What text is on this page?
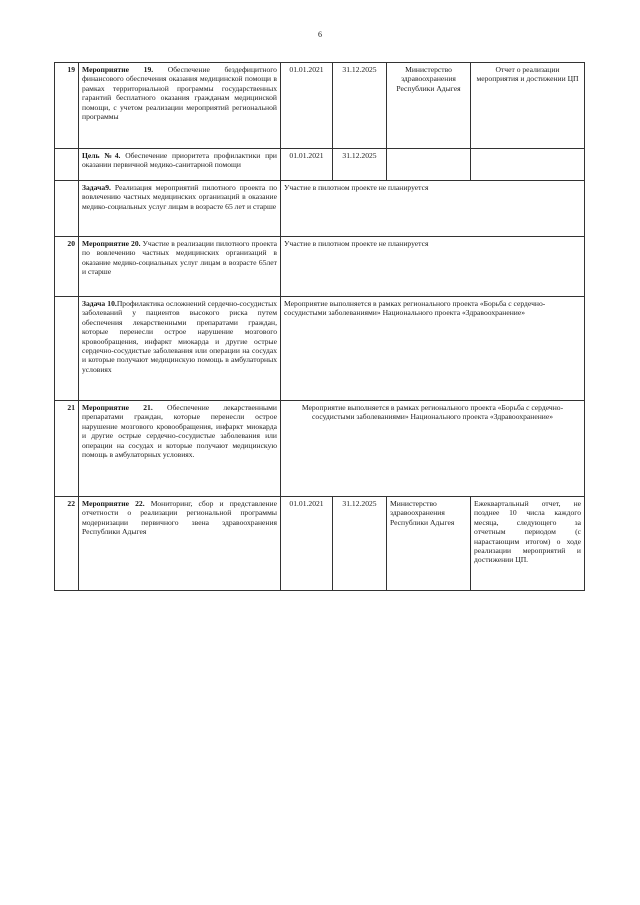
6
19	Мероприятие 19. Обеспечение бездефицитного финансового обеспечения оказания медицинской помощи в рамках территориальной программы государственных гарантий бесплатного оказания гражданам медицинской помощи, с учетом реализации мероприятий региональной программы	01.01.2021	31.12.2025	Министерство здравоохранения Республики Адыгея	Отчет о реализации мероприятия и достижении ЦП
	Цель №4. Обеспечение приоритета профилактики при оказании первичной медико-санитарной помощи	01.01.2021	31.12.2025		
	Задача9. Реализация мероприятий пилотного проекта по вовлечению частных медицинских организаций в оказание медико-социальных услуг лицам в возрасте 65 лет и старше	Участие в пилотном проекте не планируется			
20	Мероприятие 20. Участие в реализации пилотного проекта по вовлечению частных медицинских организаций в оказание медико-социальных услуг лицам в возрасте 65лет и старше	Участие в пилотном проекте не планируется			
	Задача 10.Профилактика осложнений сердечно-сосудистых заболеваний у пациентов высокого риска путем обеспечения лекарственными препаратами граждан, которые перенесли острое нарушение мозгового кровообращения, инфаркт миокарда и другие острые сердечно-сосудистые заболевания или операции на сосудах и которые получают медицинскую помощь в амбулаторных условиях	Мероприятие выполняется в рамках регионального проекта «Борьба с сердечно-сосудистыми заболеваниями» Национального проекта «Здравоохранение»			
21	Мероприятие 21. Обеспечение лекарственными препаратами граждан, которые перенесли острое нарушение мозгового кровообращения, инфаркт миокарда и другие острые сердечно-сосудистые заболевания или операции на сосудах и которые получают медицинскую помощь в амбулаторных условиях.	Мероприятие выполняется в рамках регионального проекта «Борьба с сердечно-сосудистыми заболеваниями» Национального проекта «Здравоохранение»			
22	Мероприятие 22. Мониторинг, сбор и представление отчетности о реализации региональной программы модернизации первичного звена здравоохранения Республики Адыгея	01.01.2021	31.12.2025	Министерство здравоохранения Республики Адыгея	Ежеквартальный отчет, не позднее 10 числа каждого месяца, следующего за отчетным периодом (с нарастающим итогом) о ходе реализации мероприятий и достижении ЦП.
